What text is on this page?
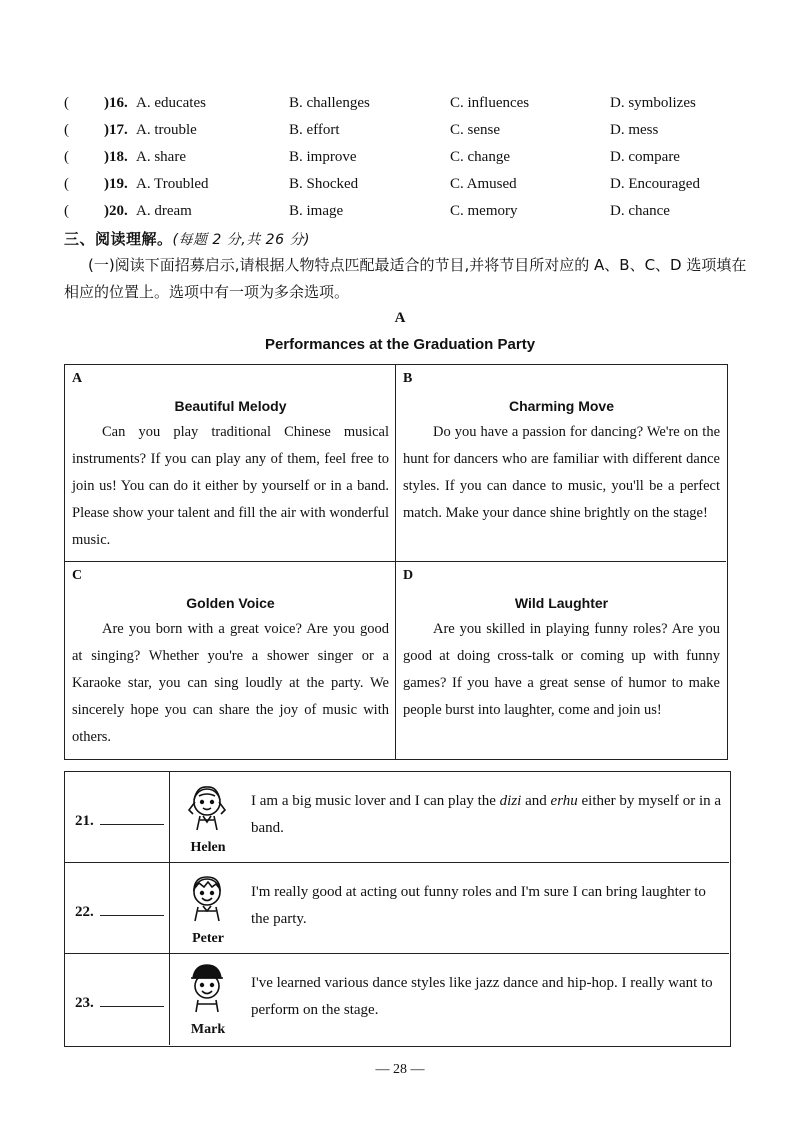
( )16. A. educates	B. challenges	C. influences	D. symbolizes
( )17. A. trouble	B. effort	C. sense	D. mess
( )18. A. share	B. improve	C. change	D. compare
( )19. A. Troubled	B. Shocked	C. Amused	D. Encouraged
( )20. A. dream	B. image	C. memory	D. chance
三、阅读理解。(每题 2 分,共 26 分)
(一)阅读下面招募启示,请根据人物特点匹配最适合的节目,并将节目所对应的 A、B、C、D 选项填在相应的位置上。选项中有一项为多余选项。
A
Performances at the Graduation Party
A
Beautiful Melody
Can you play traditional Chinese musical instruments? If you can play any of them, feel free to join us! You can do it either by yourself or in a band. Please show your talent and fill the air with wonderful music.
B
Charming Move
Do you have a passion for dancing? We're on the hunt for dancers who are familiar with different dance styles. If you can dance to music, you'll be a perfect match. Make your dance shine brightly on the stage!
C
Golden Voice
Are you born with a great voice? Are you good at singing? Whether you're a shower singer or a Karaoke star, you can sing loudly at the party. We sincerely hope you can share the joy of music with others.
D
Wild Laughter
Are you skilled in playing funny roles? Are you good at doing cross-talk or coming up with funny games? If you have a great sense of humor to make people burst into laughter, come and join us!
21.
Helen
I am a big music lover and I can play the dizi and erhu either by myself or in a band.
22.
Peter
I'm really good at acting out funny roles and I'm sure I can bring laughter to the party.
23.
Mark
I've learned various dance styles like jazz dance and hip-hop. I really want to perform on the stage.
— 28 —
